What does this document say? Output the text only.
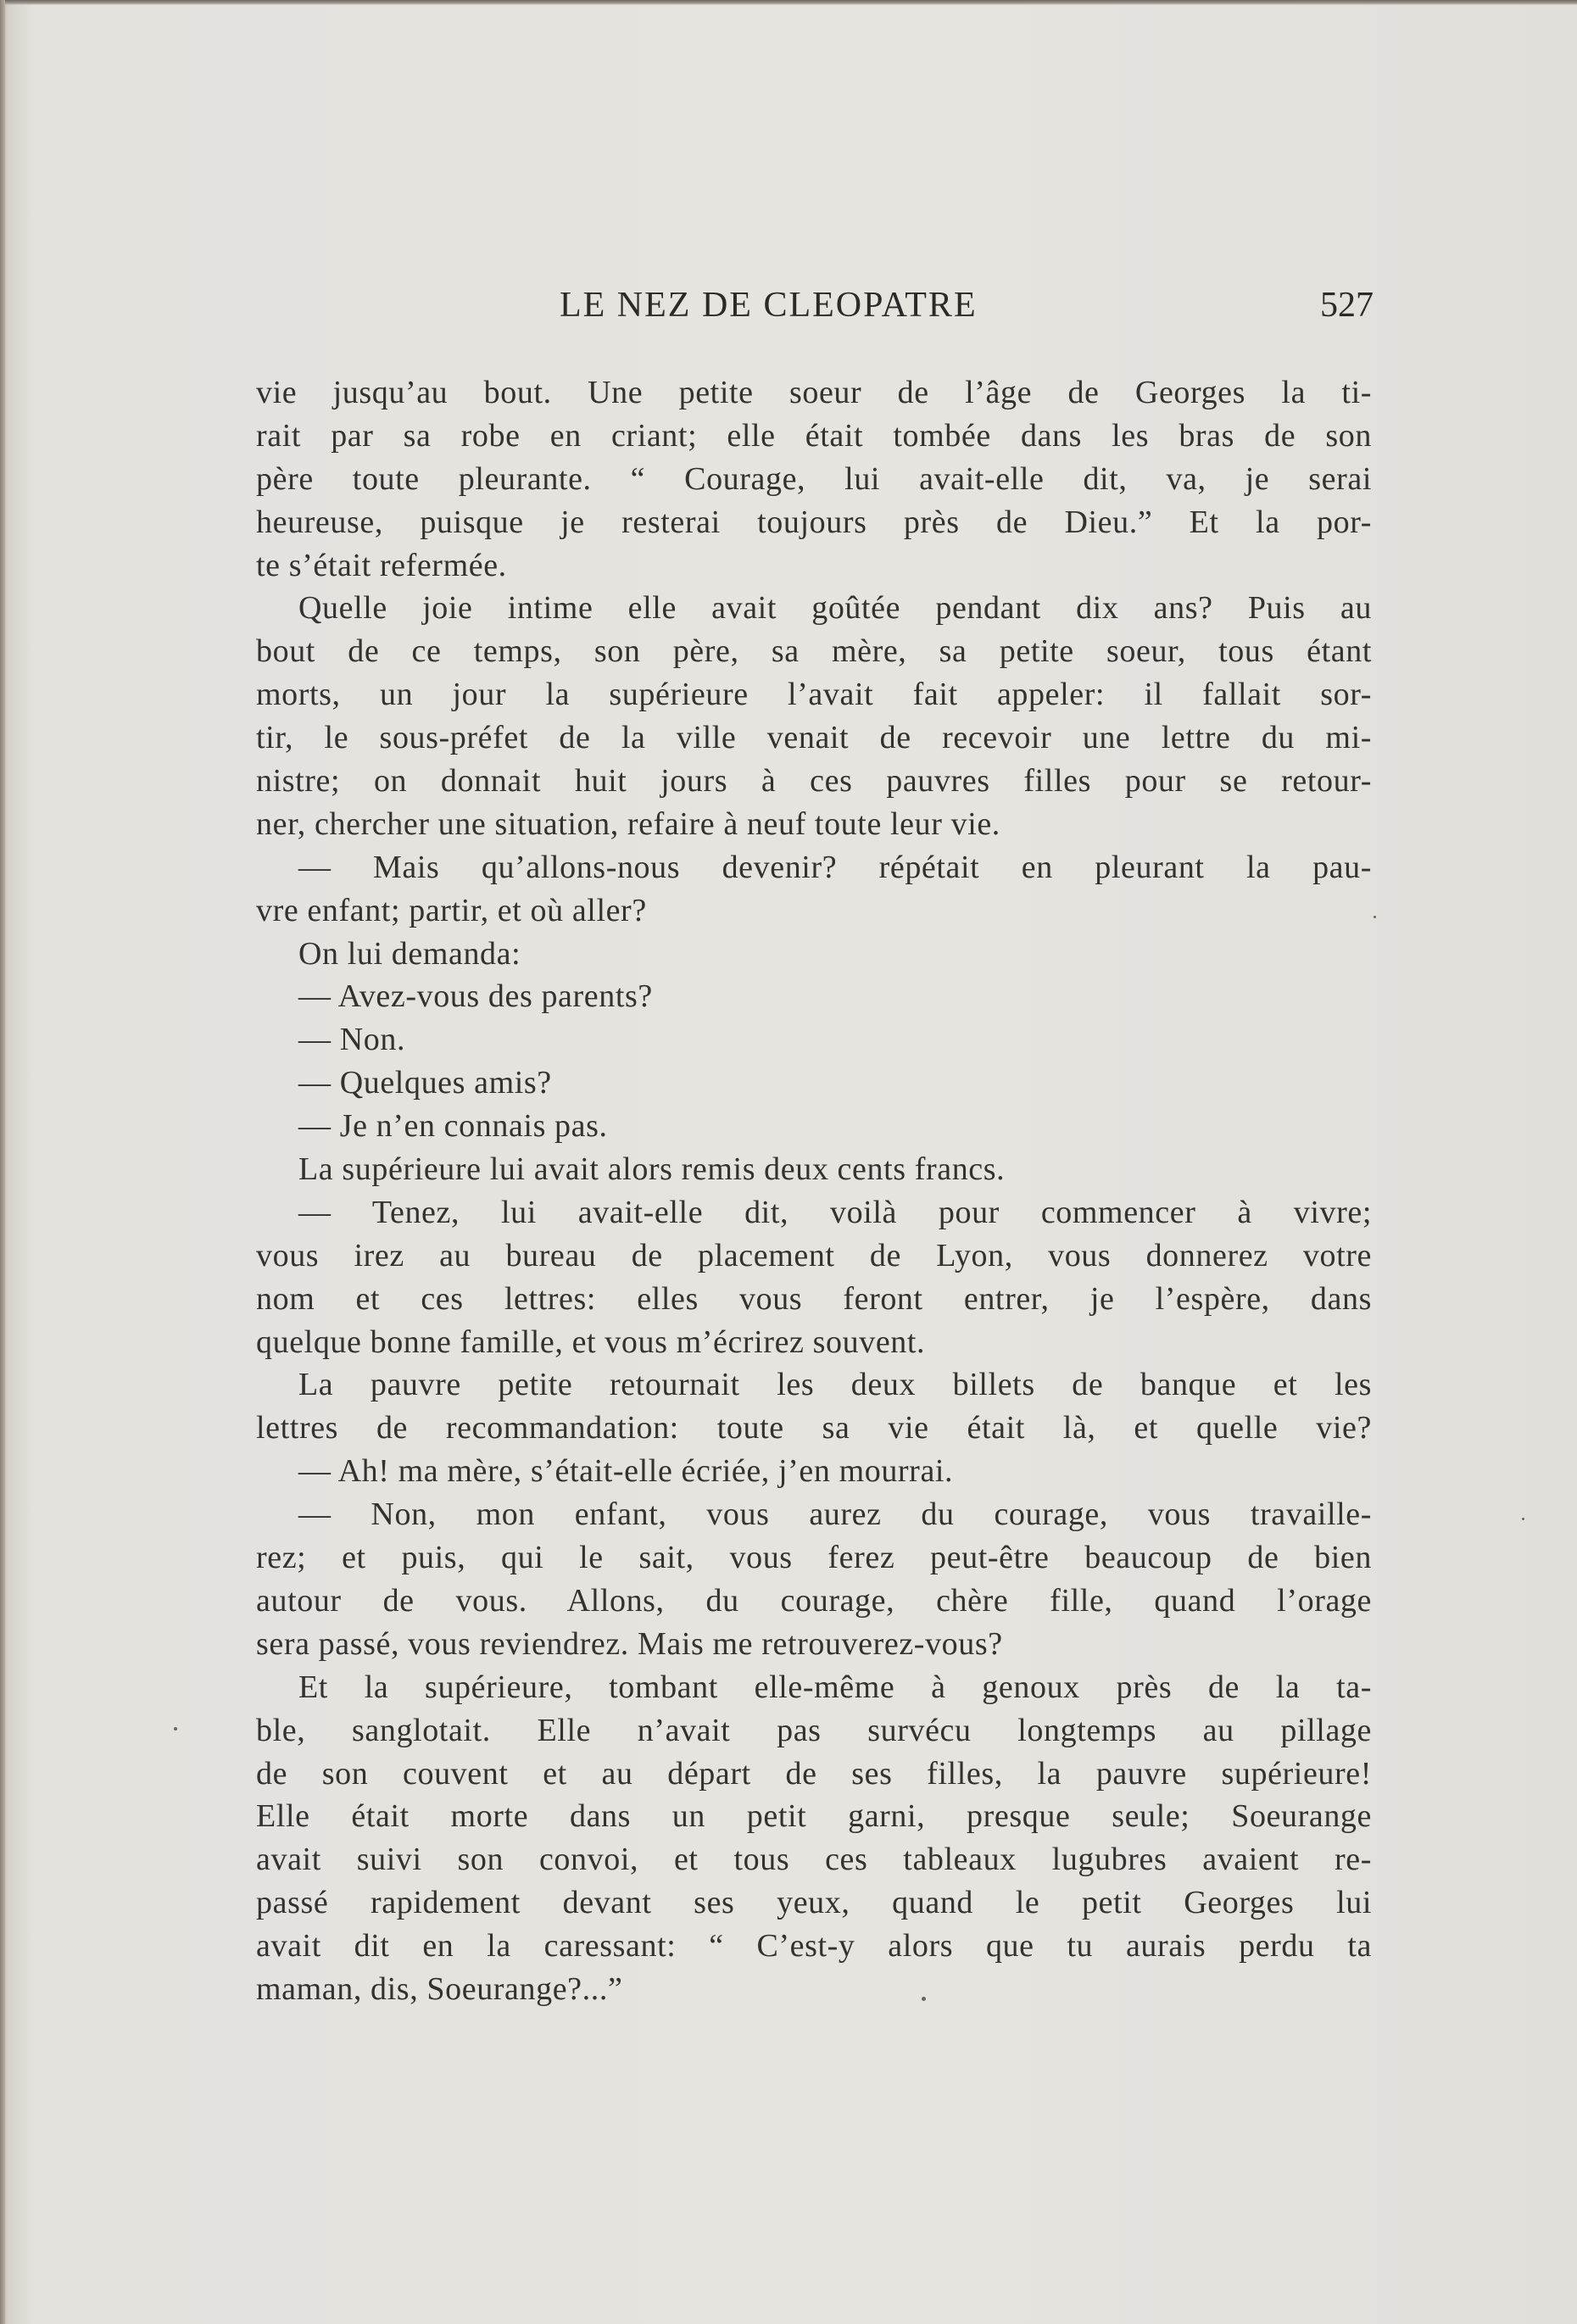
LE NEZ DE CLEOPATRE	527
vie jusqu’au bout. Une petite soeur de l’âge de Georges la ti-
rait par sa robe en criant; elle était tombée dans les bras de son
père toute pleurante. “ Courage, lui avait-elle dit, va, je serai
heureuse, puisque je resterai toujours près de Dieu.” Et la por-
te s’était refermée.
Quelle joie intime elle avait goûtée pendant dix ans? Puis au
bout de ce temps, son père, sa mère, sa petite soeur, tous étant
morts, un jour la supérieure l’avait fait appeler: il fallait sor-
tir, le sous-préfet de la ville venait de recevoir une lettre du mi-
nistre; on donnait huit jours à ces pauvres filles pour se retour-
ner, chercher une situation, refaire à neuf toute leur vie.
— Mais qu’allons-nous devenir? répétait en pleurant la pau-
vre enfant; partir, et où aller?
On lui demanda:
— Avez-vous des parents?
— Non.
— Quelques amis?
— Je n’en connais pas.
La supérieure lui avait alors remis deux cents francs.
— Tenez, lui avait-elle dit, voilà pour commencer à vivre;
vous irez au bureau de placement de Lyon, vous donnerez votre
nom et ces lettres: elles vous feront entrer, je l’espère, dans
quelque bonne famille, et vous m’écrirez souvent.
La pauvre petite retournait les deux billets de banque et les
lettres de recommandation: toute sa vie était là, et quelle vie?
— Ah! ma mère, s’était-elle écriée, j’en mourrai.
— Non, mon enfant, vous aurez du courage, vous travaille-
rez; et puis, qui le sait, vous ferez peut-être beaucoup de bien
autour de vous. Allons, du courage, chère fille, quand l’orage
sera passé, vous reviendrez. Mais me retrouverez-vous?
Et la supérieure, tombant elle-même à genoux près de la ta-
ble, sanglotait. Elle n’avait pas survécu longtemps au pillage
de son couvent et au départ de ses filles, la pauvre supérieure!
Elle était morte dans un petit garni, presque seule; Soeurange
avait suivi son convoi, et tous ces tableaux lugubres avaient re-
passé rapidement devant ses yeux, quand le petit Georges lui
avait dit en la caressant: “ C’est-y alors que tu aurais perdu ta
maman, dis, Soeurange?...”
